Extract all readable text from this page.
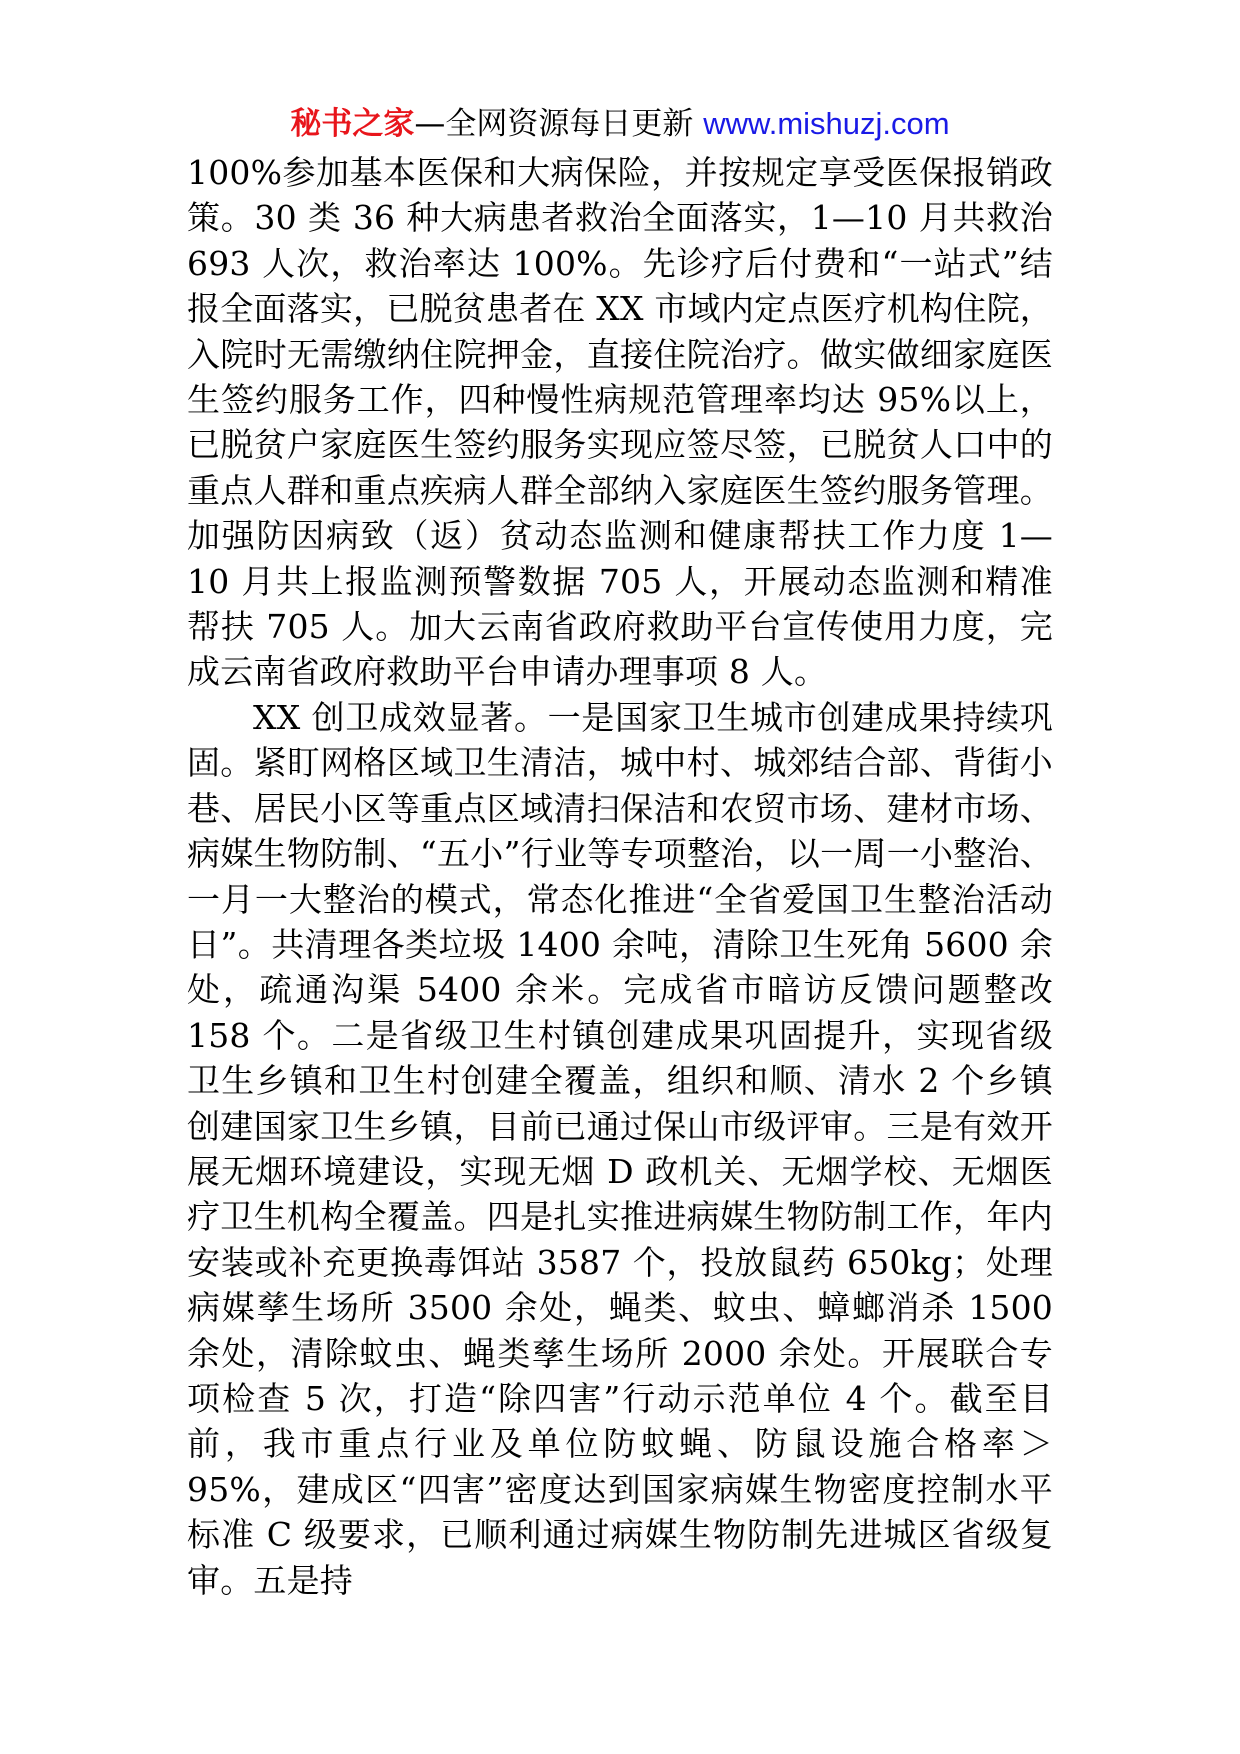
秘书之家—全网资源每日更新 www.mishuzj.com

100%参加基本医保和大病保险，并按规定享受医保报销政策。30 类 36 种大病患者救治全面落实，1—10 月共救治 693 人次，救治率达 100%。先诊疗后付费和“一站式”结报全面落实，已脱贫患者在 XX 市域内定点医疗机构住院，入院时无需缴纳住院押金，直接住院治疗。做实做细家庭医生签约服务工作，四种慢性病规范管理率均达 95%以上，已脱贫户家庭医生签约服务实现应签尽签，已脱贫人口中的重点人群和重点疾病人群全部纳入家庭医生签约服务管理。加强防因病致（返）贫动态监测和健康帮扶工作力度 1—10 月共上报监测预警数据 705 人，开展动态监测和精准帮扶 705 人。加大云南省政府救助平台宣传使用力度，完成云南省政府救助平台申请办理事项 8 人。

XX 创卫成效显著。一是国家卫生城市创建成果持续巩固。紧盯网格区域卫生清洁，城中村、城郊结合部、背街小巷、居民小区等重点区域清扫保洁和农贸市场、建材市场、病媒生物防制、“五小”行业等专项整治，以一周一小整治、一月一大整治的模式，常态化推进“全省爱国卫生整治活动日”。共清理各类垃圾 1400 余吨，清除卫生死角 5600 余处，疏通沟渠 5400 余米。完成省市暗访反馈问题整改 158 个。二是省级卫生村镇创建成果巩固提升，实现省级卫生乡镇和卫生村创建全覆盖，组织和顺、清水 2 个乡镇创建国家卫生乡镇，目前已通过保山市级评审。三是有效开展无烟环境建设，实现无烟 D 政机关、无烟学校、无烟医疗卫生机构全覆盖。四是扎实推进病媒生物防制工作，年内安装或补充更换毒饵站 3587 个，投放鼠药 650kg；处理病媒孳生场所 3500 余处，蝇类、蚊虫、蟑螂消杀 1500 余处，清除蚊虫、蝇类孳生场所 2000 余处。开展联合专项检查 5 次，打造“除四害”行动示范单位 4 个。截至目前，我市重点行业及单位防蚊蝇、防鼠设施合格率＞95%，建成区“四害”密度达到国家病媒生物密度控制水平标准 C 级要求，已顺利通过病媒生物防制先进城区省级复审。五是持
